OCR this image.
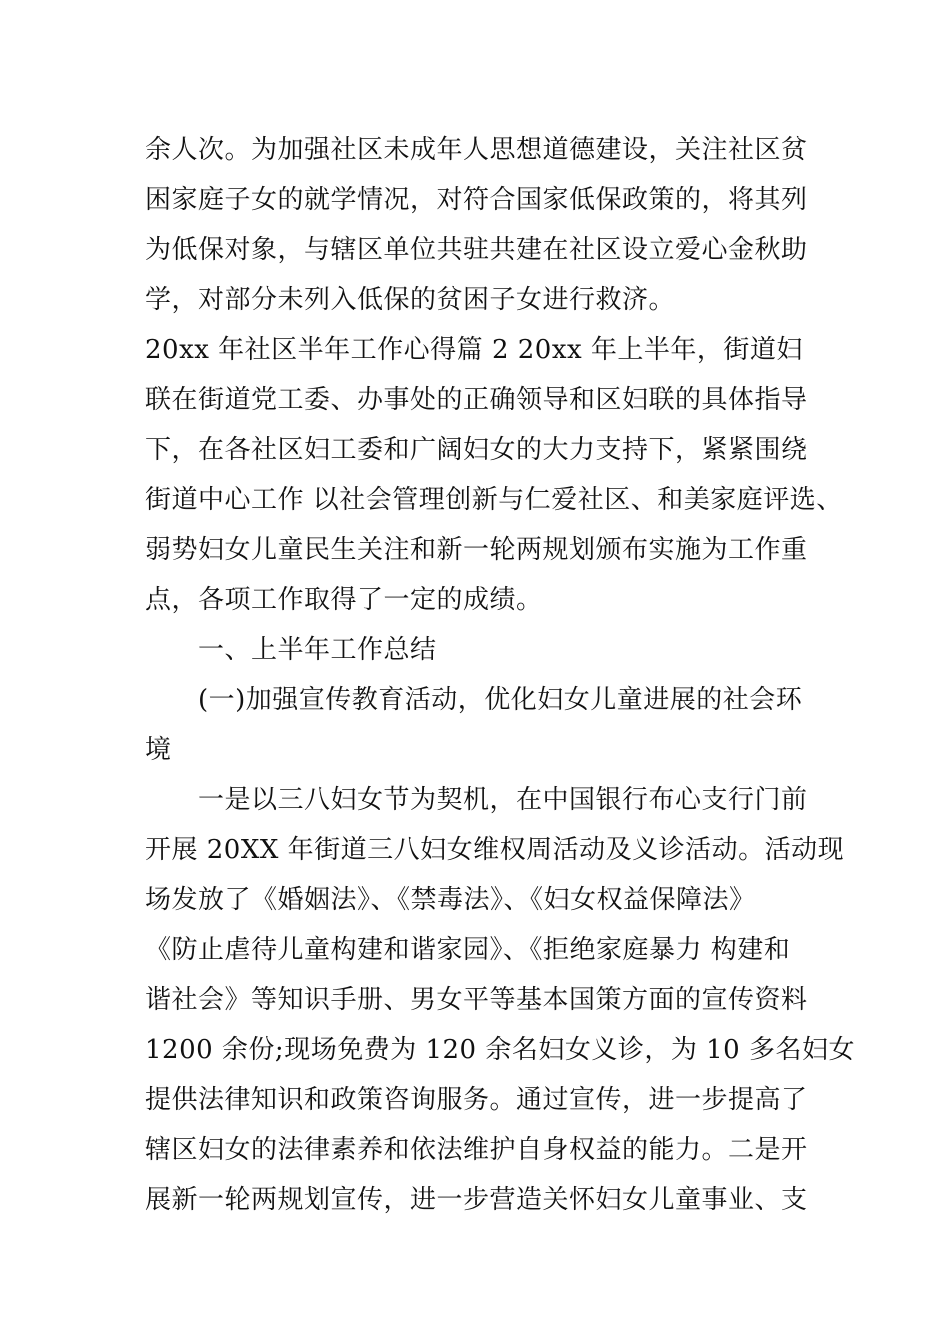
余人次。为加强社区未成年人思想道德建设，关注社区贫
困家庭子女的就学情况，对符合国家低保政策的，将其列
为低保对象，与辖区单位共驻共建在社区设立爱心金秋助
学，对部分未列入低保的贫困子女进行救济。
20xx 年社区半年工作心得篇 2 20xx 年上半年，街道妇
联在街道党工委、办事处的正确领导和区妇联的具体指导
下，在各社区妇工委和广阔妇女的大力支持下，紧紧围绕
街道中心工作 以社会管理创新与仁爱社区、和美家庭评选、
弱势妇女儿童民生关注和新一轮两规划颁布实施为工作重
点，各项工作取得了一定的成绩。
一、上半年工作总结
(一)加强宣传教育活动，优化妇女儿童进展的社会环
境
一是以三八妇女节为契机，在中国银行布心支行门前
开展 20XX 年街道三八妇女维权周活动及义诊活动。活动现
场发放了《婚姻法》、《禁毒法》、《妇女权益保障法》
《防止虐待儿童构建和谐家园》、《拒绝家庭暴力 构建和
谐社会》等知识手册、男女平等基本国策方面的宣传资料
1200 余份;现场免费为 120 余名妇女义诊，为 10 多名妇女
提供法律知识和政策咨询服务。通过宣传，进一步提高了
辖区妇女的法律素养和依法维护自身权益的能力。二是开
展新一轮两规划宣传，进一步营造关怀妇女儿童事业、支
